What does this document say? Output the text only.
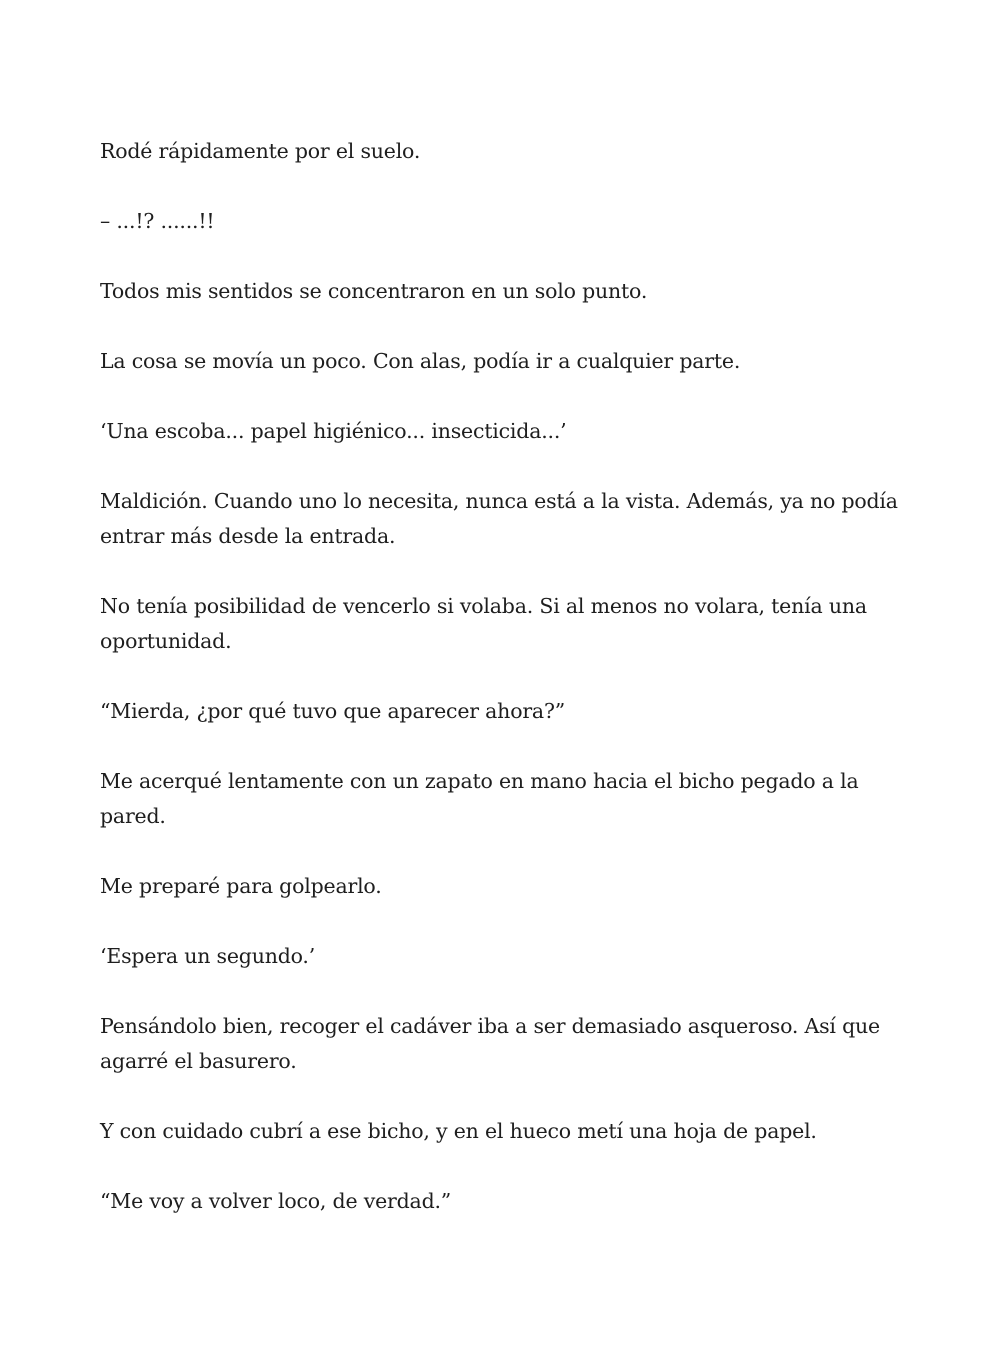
Rodé rápidamente por el suelo.

– ...!? ......!!

Todos mis sentidos se concentraron en un solo punto.

La cosa se movía un poco. Con alas, podía ir a cualquier parte.

‘Una escoba... papel higiénico... insecticida...’

Maldición. Cuando uno lo necesita, nunca está a la vista. Además, ya no podía entrar más desde la entrada.

No tenía posibilidad de vencerlo si volaba. Si al menos no volara, tenía una oportunidad.

“Mierda, ¿por qué tuvo que aparecer ahora?”

Me acerqué lentamente con un zapato en mano hacia el bicho pegado a la pared.

Me preparé para golpearlo.

‘Espera un segundo.’

Pensándolo bien, recoger el cadáver iba a ser demasiado asqueroso. Así que agarré el basurero.

Y con cuidado cubrí a ese bicho, y en el hueco metí una hoja de papel.

“Me voy a volver loco, de verdad.”
